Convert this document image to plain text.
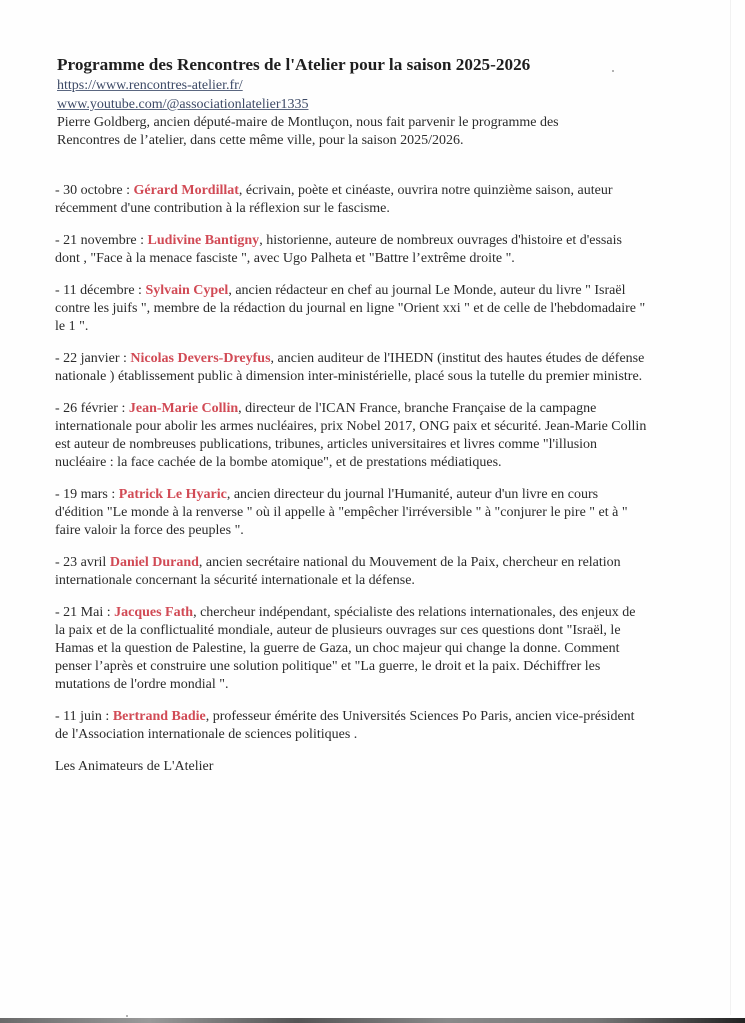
Programme des Rencontres de l'Atelier pour la saison 2025-2026
https://www.rencontres-atelier.fr/
www.youtube.com/@associationlatelier1335

Pierre Goldberg, ancien député-maire de Montluçon, nous fait parvenir le programme des Rencontres de l’atelier, dans cette même ville, pour la saison 2025/2026.

- 30 octobre : Gérard Mordillat, écrivain, poète et cinéaste, ouvrira notre quinzième saison, auteur récemment d'une contribution à la réflexion sur le fascisme.

- 21 novembre : Ludivine Bantigny, historienne, auteure de nombreux ouvrages d'histoire et d'essais dont , "Face à la menace fasciste ", avec Ugo Palheta et "Battre l’extrême droite ".

- 11 décembre : Sylvain Cypel, ancien rédacteur en chef au journal Le Monde, auteur du livre " Israël contre les juifs ", membre de la rédaction du journal en ligne "Orient xxi " et de celle de l'hebdomadaire " le 1 ".

- 22 janvier : Nicolas Devers-Dreyfus, ancien auditeur de l'IHEDN (institut des hautes études de défense nationale ) établissement public à dimension inter-ministérielle, placé sous la tutelle du premier ministre.

- 26 février : Jean-Marie Collin, directeur de l'ICAN France, branche Française de la campagne internationale pour abolir les armes nucléaires, prix Nobel 2017, ONG paix et sécurité. Jean-Marie Collin est auteur de nombreuses publications, tribunes, articles universitaires et livres comme "l'illusion nucléaire : la face cachée de la bombe atomique", et de prestations médiatiques.

- 19 mars : Patrick Le Hyaric, ancien directeur du journal l'Humanité, auteur d'un livre en cours d'édition "Le monde à la renverse " où il appelle à "empêcher l'irréversible " à "conjurer le pire " et à " faire valoir la force des peuples ".

- 23 avril Daniel Durand, ancien secrétaire national du Mouvement de la Paix, chercheur en relation internationale concernant la sécurité internationale et la défense.

- 21 Mai : Jacques Fath, chercheur indépendant, spécialiste des relations internationales, des enjeux de la paix et de la conflictualité mondiale, auteur de plusieurs ouvrages sur ces questions dont "Israël, le Hamas et la question de Palestine, la guerre de Gaza, un choc majeur qui change la donne. Comment penser l’après et construire une solution politique" et "La guerre, le droit et la paix. Déchiffrer les mutations de l'ordre mondial ".

- 11 juin : Bertrand Badie, professeur émérite des Universités Sciences Po Paris, ancien vice-président de l'Association internationale de sciences politiques .

Les Animateurs de L'Atelier
